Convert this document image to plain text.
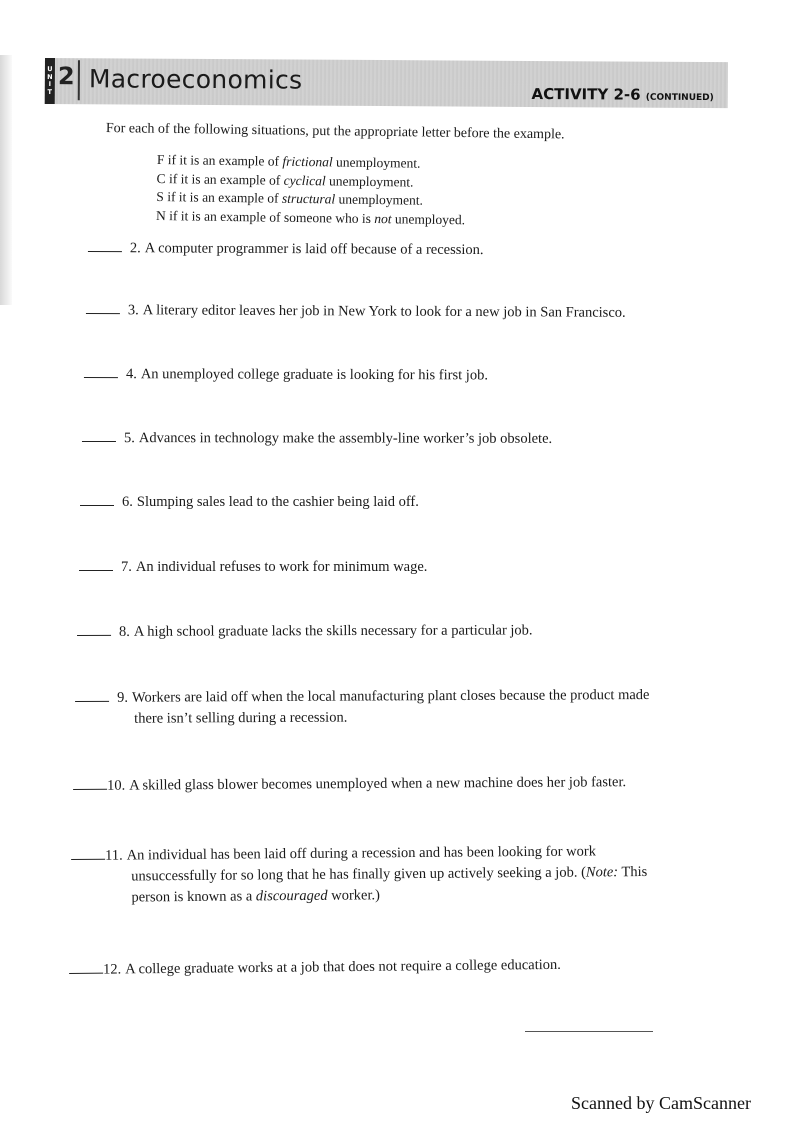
U
N
I
T
2 Macroeconomics	ACTIVITY 2-6 (CONTINUED)
For each of the following situations, put the appropriate letter before the example.
F if it is an example of frictional unemployment.
C if it is an example of cyclical unemployment.
S if it is an example of structural unemployment.
N if it is an example of someone who is not unemployed.
2. A computer programmer is laid off because of a recession.
3. A literary editor leaves her job in New York to look for a new job in San Francisco.
4. An unemployed college graduate is looking for his first job.
5. Advances in technology make the assembly-line worker’s job obsolete.
6. Slumping sales lead to the cashier being laid off.
7. An individual refuses to work for minimum wage.
8. A high school graduate lacks the skills necessary for a particular job.
9. Workers are laid off when the local manufacturing plant closes because the product made
there isn’t selling during a recession.
10. A skilled glass blower becomes unemployed when a new machine does her job faster.
11. An individual has been laid off during a recession and has been looking for work
unsuccessfully for so long that he has finally given up actively seeking a job. (Note: This
person is known as a discouraged worker.)
12. A college graduate works at a job that does not require a college education.
Scanned by CamScanner
